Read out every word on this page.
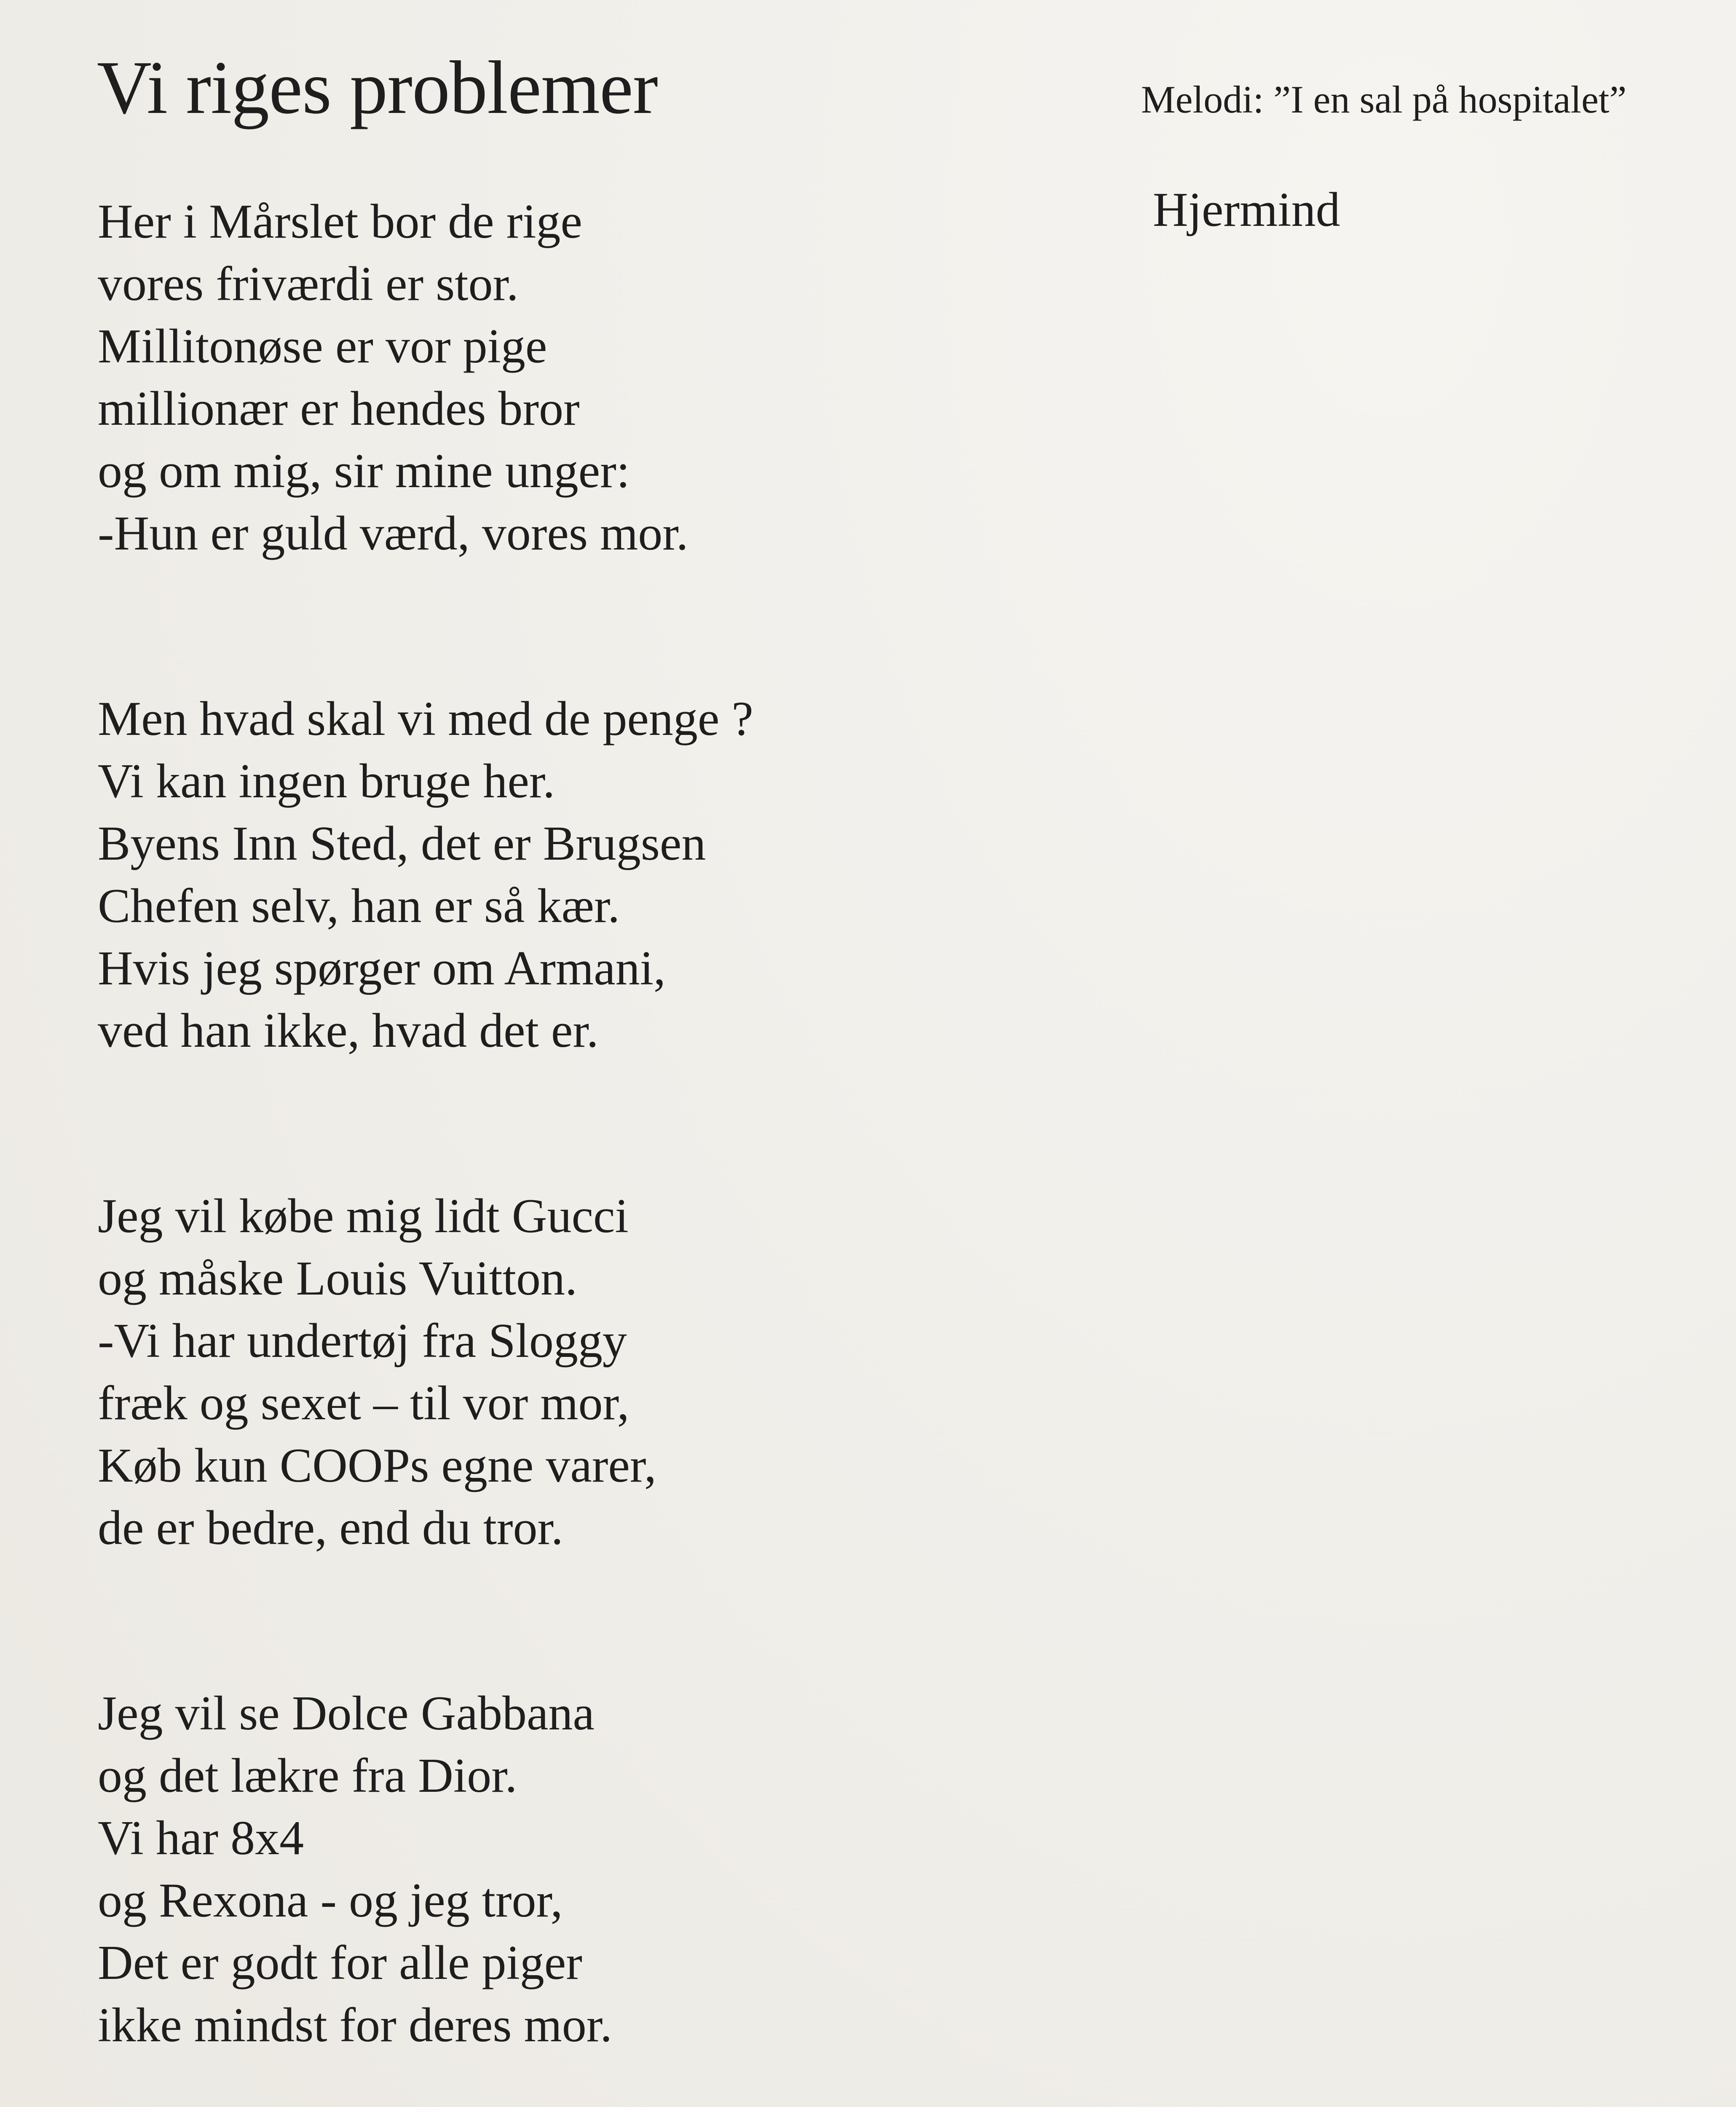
Vi riges problemer	Melodi: ”I en sal på hospitalet”
Hjermind
Her i Mårslet bor de rige
vores friværdi er stor.
Millitonøse er vor pige
millionær er hendes bror
og om mig, sir mine unger:
-Hun er guld værd, vores mor.
Men hvad skal vi med de penge ?
Vi kan ingen bruge her.
Byens Inn Sted, det er Brugsen
Chefen selv, han er så kær.
Hvis jeg spørger om Armani,
ved han ikke, hvad det er.
Jeg vil købe mig lidt Gucci
og måske Louis Vuitton.
-Vi har undertøj fra Sloggy
fræk og sexet – til vor mor,
Køb kun COOPs egne varer,
de er bedre, end du tror.
Jeg vil se Dolce Gabbana
og det lækre fra Dior.
Vi har 8x4
og Rexona - og jeg tror,
Det er godt for alle piger
ikke mindst for deres mor.
